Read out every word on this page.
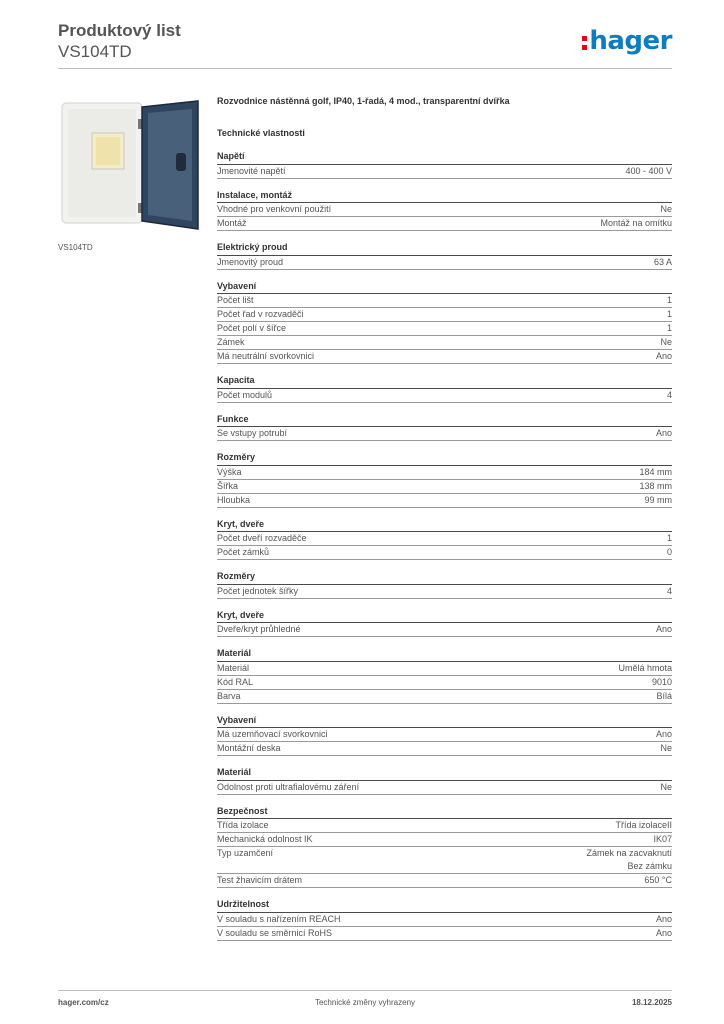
Produktový list
VS104TD	hager
VS104TD
Rozvodnice nástěnná golf, IP40, 1-řadá, 4 mod., transparentní dvířka
Technické vlastnosti
Napětí
Jmenovité napětí	400 - 400 V
Instalace, montáž
Vhodné pro venkovní použití	Ne
Montáž	Montáž na omítku
Elektrický proud
Jmenovitý proud	63 A
Vybavení
Počet lišt	1
Počet řad v rozvaděči	1
Počet polí v šířce	1
Zámek	Ne
Má neutrální svorkovnici	Ano
Kapacita
Počet modulů	4
Funkce
Se vstupy potrubí	Ano
Rozměry
Výška	184 mm
Šířka	138 mm
Hloubka	99 mm
Kryt, dveře
Počet dveří rozvaděče	1
Počet zámků	0
Rozměry
Počet jednotek šířky	4
Kryt, dveře
Dveře/kryt průhledné	Ano
Materiál
Materiál	Umělá hmota
Kód RAL	9010
Barva	Bílá
Vybavení
Má uzemňovací svorkovnici	Ano
Montážní deska	Ne
Materiál
Odolnost proti ultrafialovému záření	Ne
Bezpečnost
Třída izolace	Třída izolaceII
Mechanická odolnost IK	IK07
Typ uzamčení	Zámek na zacvaknutí
Bez zámku
Test žhavicím drátem	650 °C
Udržitelnost
V souladu s nařízením REACH	Ano
V souladu se směrnicí RoHS	Ano
hager.com/cz	Technické změny vyhrazeny	18.12.2025
